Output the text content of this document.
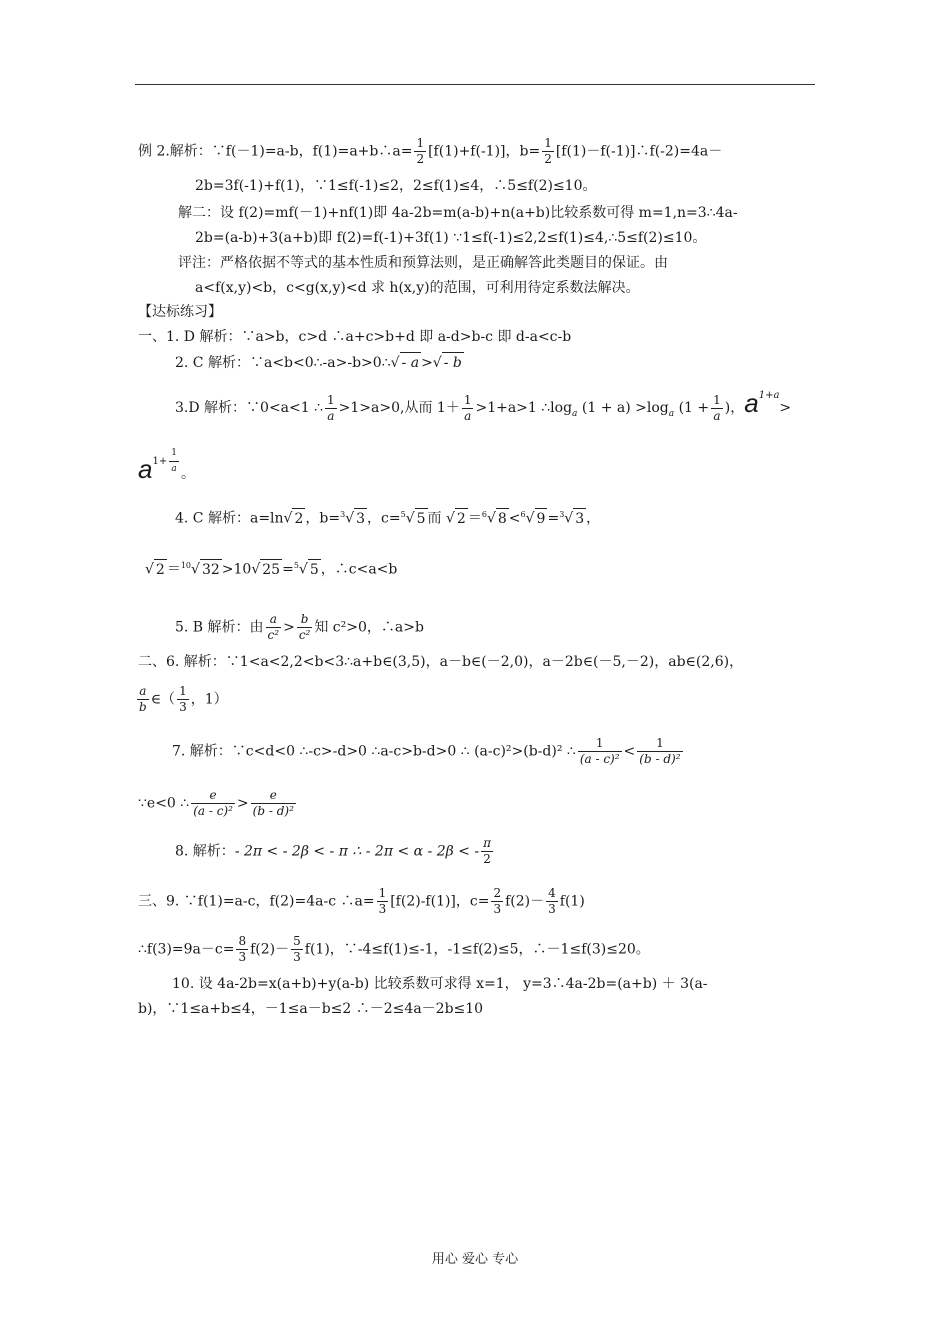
例 2.解析：∵f(－1)=a-b，f(1)=a+b∴a= $\frac{1}{2} [f(1)+f(-1)]$，$b= \frac{1}{2}$ [f(1)－f(-1)]∴f(-2)=4a－
2b=3f(-1)+f(1)，∵1≤f(-1)≤2，2≤f(1)≤4，∴5≤f(2)≤10。
解二：设 f(2)=mf(－1)+nf(1)即 4a-2b=m(a-b)+n(a+b)比较系数可得 m=1,n=3∴4a-
2b=(a-b)+3(a+b)即 f(2)=f(-1)+3f(1) ∵1≤f(-1)≤2,2≤f(1)≤4,∴5≤f(2)≤10。
评注：严格依据不等式的基本性质和预算法则，是正确解答此类题目的保证。由
a<f(x,y)<b，c<g(x,y)<d 求 h(x,y)的范围，可利用待定系数法解决。
【达标练习】
一、1. D 解析：∵a>b，c>d ∴a+c>b+d 即 a-d>b-c 即 d-a<c-b
2. C 解析：∵a<b<0∴-a>-b>0∴√ - a >√ - b
3.D 解析：∵0<a<1 ∴ $\frac{1}{a} >1>a>0$,从而 $1+ \frac{1}{a} >1+a>1$ $\therefore\log_a$ $(1 + a) >\log_a$ ($1 + \frac{1}{a}$ )，$a^{1+a}>$
$a^{1+ \frac{1}{a}}$ 。
4. C 解析：a=ln√ 2 ，b=$^3$√ 3 ，c=$^5$√ 5 而 √ 2 ＝$^6$√ 8 <$^6$√ 9 =$^3$√ 3 ，
√ 2 ＝$^{10}$√ 32 >10√ 25 =$^5$√ 5 ，∴c<a<b
5. B 解析：由 $\frac{a}{\text{c²}} > \frac{b}{\text{c²}}$ 知 c²>0，∴a>b
二、6. 解析：∵1<a<2,2<b<3∴a+b∈(3,5)，a－b∈(－2,0)，a－2b∈(－5,－2)，ab∈(2,6)，
$\frac{a}{b}$ ∈（ $\frac{1}{3}$ ，1）
7. 解析：∵c<d<0 ∴-c>-d>0 ∴a-c>b-d>0 ∴ (a-c)²>(b-d)² ∴ $\frac{1}{\text{(a - c)²}} < \frac{1}{\text{(b - d)²}}$
∵e<0 ∴ $\frac{e}{\text{(a - c)²}} > \frac{e}{\text{(b - d)²}}$
8. 解析：- 2π < - 2β < - π ∴ - 2π < α - 2β < - $\frac{\pi}{2}$
三、9. ∵f(1)=a-c，f(2)=4a-c ∴a= $\frac{1}{3} [f(2)-f(1)]$，$c= \frac{2}{3} f(2)- \frac{4}{3} f(1)$
∴f(3)=9a－c= $\frac{8}{3} f(2)- \frac{5}{3} f(1)$，∵-4≤f(1)≤-1，-1≤f(2)≤5，∴－1≤f(3)≤20。
10. 设 4a-2b=x(a+b)+y(a-b) 比较系数可求得 x=1， y=3∴4a-2b=(a+b) ＋ 3(a-
b)，∵1≤a+b≤4，－1≤a－b≤2 ∴－2≤4a－2b≤10
用心 爱心 专心
